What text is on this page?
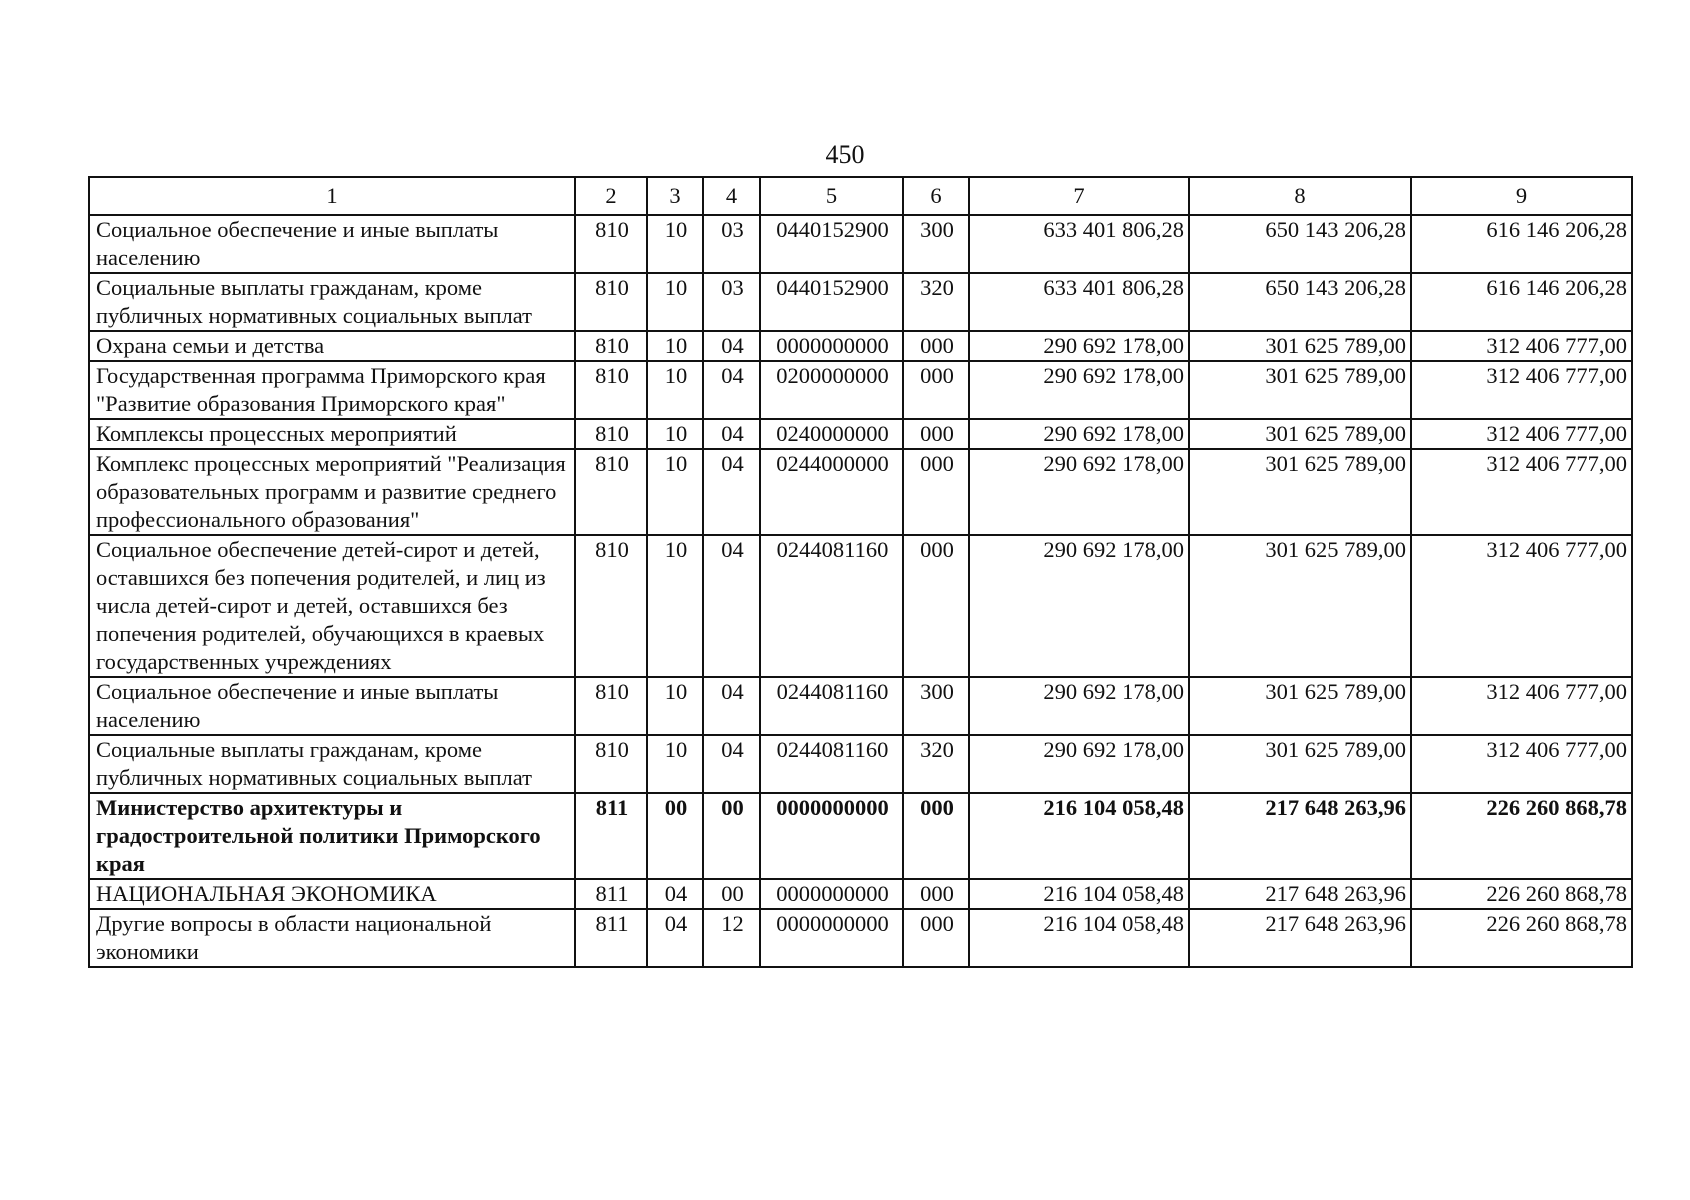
450
1	2	3	4	5	6	7	8	9
Социальное обеспечение и иные выплаты населению	810	10	03	0440152900	300	633 401 806,28	650 143 206,28	616 146 206,28
Социальные выплаты гражданам, кроме публичных нормативных социальных выплат	810	10	03	0440152900	320	633 401 806,28	650 143 206,28	616 146 206,28
Охрана семьи и детства	810	10	04	0000000000	000	290 692 178,00	301 625 789,00	312 406 777,00
Государственная программа Приморского края "Развитие образования Приморского края"	810	10	04	0200000000	000	290 692 178,00	301 625 789,00	312 406 777,00
Комплексы процессных мероприятий	810	10	04	0240000000	000	290 692 178,00	301 625 789,00	312 406 777,00
Комплекс процессных мероприятий "Реализация образовательных программ и развитие среднего профессионального образования"	810	10	04	0244000000	000	290 692 178,00	301 625 789,00	312 406 777,00
Социальное обеспечение детей-сирот и детей, оставшихся без попечения родителей, и лиц из числа детей-сирот и детей, оставшихся без попечения родителей, обучающихся в краевых государственных учреждениях	810	10	04	0244081160	000	290 692 178,00	301 625 789,00	312 406 777,00
Социальное обеспечение и иные выплаты населению	810	10	04	0244081160	300	290 692 178,00	301 625 789,00	312 406 777,00
Социальные выплаты гражданам, кроме публичных нормативных социальных выплат	810	10	04	0244081160	320	290 692 178,00	301 625 789,00	312 406 777,00
Министерство архитектуры и градостроительной политики Приморского края	811	00	00	0000000000	000	216 104 058,48	217 648 263,96	226 260 868,78
НАЦИОНАЛЬНАЯ ЭКОНОМИКА	811	04	00	0000000000	000	216 104 058,48	217 648 263,96	226 260 868,78
Другие вопросы в области национальной экономики	811	04	12	0000000000	000	216 104 058,48	217 648 263,96	226 260 868,78
